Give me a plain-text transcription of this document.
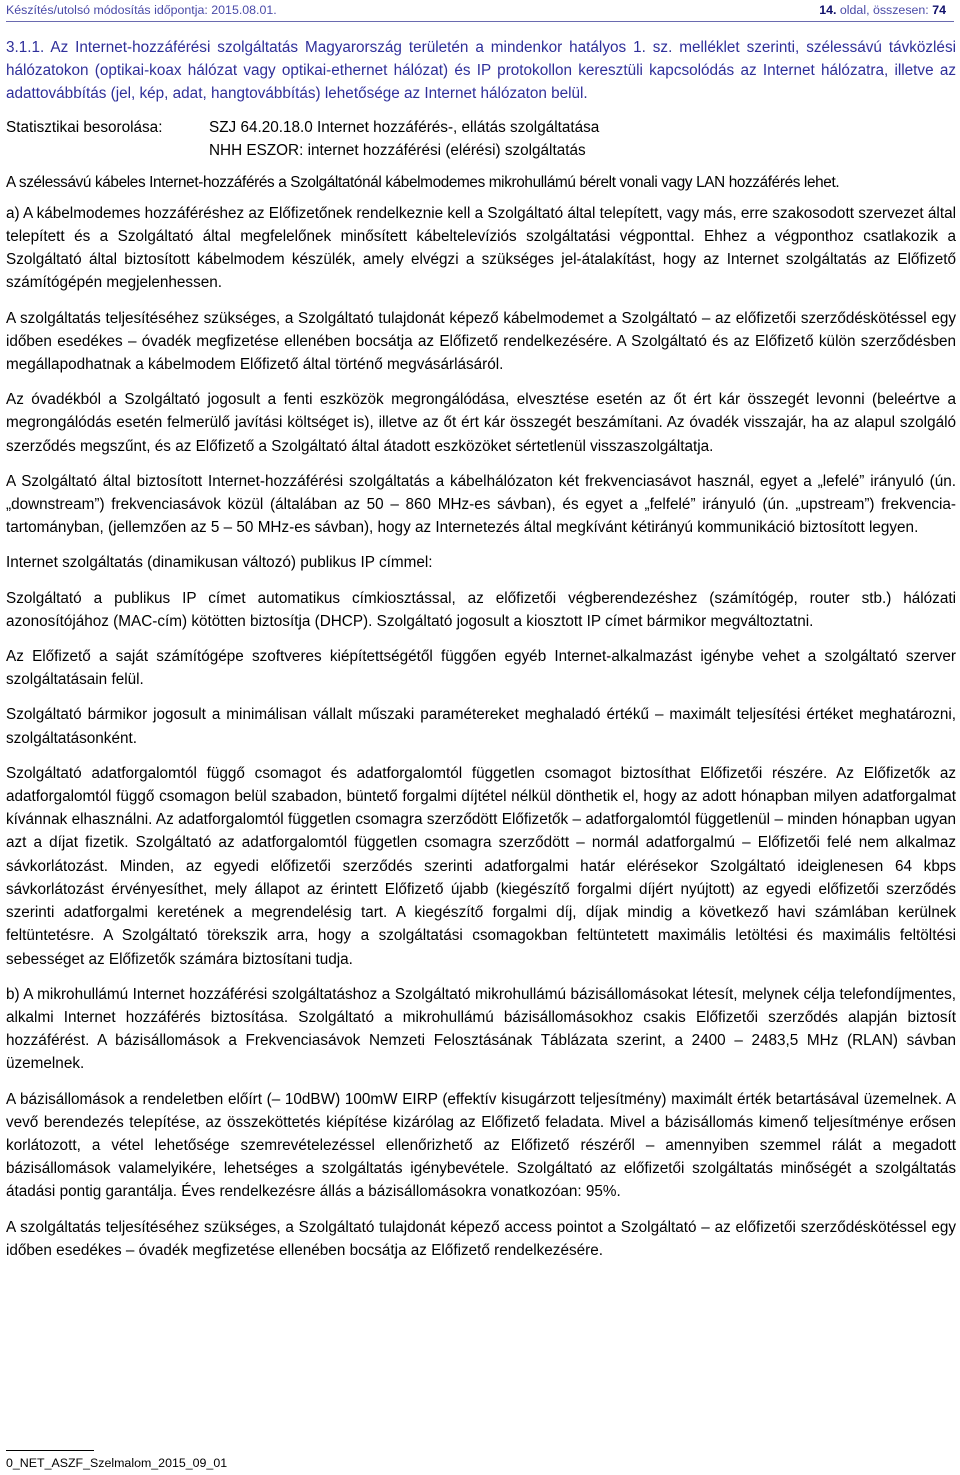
Készítés/utolsó módosítás időpontja: 2015.08.01.	14. oldal, összesen: 74

3.1.1. Az Internet-hozzáférési szolgáltatás Magyarország területén a mindenkor hatályos 1. sz. melléklet szerinti, szélessávú távközlési hálózatokon (optikai-koax hálózat vagy optikai-ethernet hálózat) és IP protokollon keresztüli kapcsolódás az Internet hálózatra, illetve az adattovábbítás (jel, kép, adat, hangtovábbítás) lehetősége az Internet hálózaton belül.

Statisztikai besorolása:	SZJ 64.20.18.0 Internet hozzáférés-, ellátás szolgáltatása
NHH ESZOR: internet hozzáférési (elérési) szolgáltatás

A szélessávú kábeles Internet-hozzáférés a Szolgáltatónál kábelmodemes mikrohullámú bérelt vonali vagy LAN hozzáférés lehet.

a) A kábelmodemes hozzáféréshez az Előfizetőnek rendelkeznie kell a Szolgáltató által telepített, vagy más, erre szakosodott szervezet által telepített és a Szolgáltató által megfelelőnek minősített kábeltelevíziós szolgáltatási végponttal. Ehhez a végponthoz csatlakozik a Szolgáltató által biztosított kábelmodem készülék, amely elvégzi a szükséges jel-átalakítást, hogy az Internet szolgáltatás az Előfizető számítógépén megjelenhessen.

A szolgáltatás teljesítéséhez szükséges, a Szolgáltató tulajdonát képező kábelmodemet a Szolgáltató – az előfizetői szerződéskötéssel egy időben esedékes – óvadék megfizetése ellenében bocsátja az Előfizető rendelkezésére. A Szolgáltató és az Előfizető külön szerződésben megállapodhatnak a kábelmodem Előfizető által történő megvásárlásáról.

Az óvadékból a Szolgáltató jogosult a fenti eszközök megrongálódása, elvesztése esetén az őt ért kár összegét levonni (beleértve a megrongálódás esetén felmerülő javítási költséget is), illetve az őt ért kár összegét beszámítani. Az óvadék visszajár, ha az alapul szolgáló szerződés megszűnt, és az Előfizető a Szolgáltató által átadott eszközöket sértetlenül visszaszolgáltatja.

A Szolgáltató által biztosított Internet-hozzáférési szolgáltatás a kábelhálózaton két frekvenciasávot használ, egyet a „lefelé” irányuló (ún. „downstream”) frekvenciasávok közül (általában az 50 – 860 MHz-es sávban), és egyet a „felfelé” irányuló (ún. „upstream”) frekvencia-tartományban, (jellemzően az 5 – 50 MHz-es sávban), hogy az Internetezés által megkívánt kétirányú kommunikáció biztosított legyen.

Internet szolgáltatás (dinamikusan változó) publikus IP címmel:

Szolgáltató a publikus IP címet automatikus címkiosztással, az előfizetői végberendezéshez (számítógép, router stb.) hálózati azonosítójához (MAC-cím) kötötten biztosítja (DHCP). Szolgáltató jogosult a kiosztott IP címet bármikor megváltoztatni.

Az Előfizető a saját számítógépe szoftveres kiépítettségétől függően egyéb Internet-alkalmazást igénybe vehet a szolgáltató szerver szolgáltatásain felül.

Szolgáltató bármikor jogosult a minimálisan vállalt műszaki paramétereket meghaladó értékű – maximált teljesítési értéket meghatározni, szolgáltatásonként.

Szolgáltató adatforgalomtól függő csomagot és adatforgalomtól független csomagot biztosíthat Előfizetői részére. Az Előfizetők az adatforgalomtól függő csomagon belül szabadon, büntető forgalmi díjtétel nélkül dönthetik el, hogy az adott hónapban milyen adatforgalmat kívánnak elhasználni. Az adatforgalomtól független csomagra szerződött Előfizetők – adatforgalomtól függetlenül – minden hónapban ugyan azt a díjat fizetik. Szolgáltató az adatforgalomtól független csomagra szerződött – normál adatforgalmú – Előfizetői felé nem alkalmaz sávkorlátozást. Minden, az egyedi előfizetői szerződés szerinti adatforgalmi határ elérésekor Szolgáltató ideiglenesen 64 kbps sávkorlátozást érvényesíthet, mely állapot az érintett Előfizető újabb (kiegészítő forgalmi díjért nyújtott) az egyedi előfizetői szerződés szerinti adatforgalmi keretének a megrendelésig tart. A kiegészítő forgalmi díj, díjak mindig a következő havi számlában kerülnek feltüntetésre. A Szolgáltató törekszik arra, hogy a szolgáltatási csomagokban feltüntetett maximális letöltési és maximális feltöltési sebességet az Előfizetők számára biztosítani tudja.

b) A mikrohullámú Internet hozzáférési szolgáltatáshoz a Szolgáltató mikrohullámú bázisállomásokat létesít, melynek célja telefondíjmentes, alkalmi Internet hozzáférés biztosítása. Szolgáltató a mikrohullámú bázisállomásokhoz csakis Előfizetői szerződés alapján biztosít hozzáférést. A bázisállomások a Frekvenciasávok Nemzeti Felosztásának Táblázata szerint, a 2400 – 2483,5 MHz (RLAN) sávban üzemelnek.

A bázisállomások a rendeletben előírt (– 10dBW) 100mW EIRP (effektív kisugárzott teljesítmény) maximált érték betartásával üzemelnek. A vevő berendezés telepítése, az összeköttetés kiépítése kizárólag az Előfizető feladata. Mivel a bázisállomás kimenő teljesítménye erősen korlátozott, a vétel lehetősége szemrevételezéssel ellenőrizhető az Előfizető részéről – amennyiben szemmel rálát a megadott bázisállomások valamelyikére, lehetséges a szolgáltatás igénybevétele. Szolgáltató az előfizetői szolgáltatás minőségét a szolgáltatás átadási pontig garantálja. Éves rendelkezésre állás a bázisállomásokra vonatkozóan: 95%.

A szolgáltatás teljesítéséhez szükséges, a Szolgáltató tulajdonát képező access pointot a Szolgáltató – az előfizetői szerződéskötéssel egy időben esedékes – óvadék megfizetése ellenében bocsátja az Előfizető rendelkezésére.

0_NET_ASZF_Szelmalom_2015_09_01
